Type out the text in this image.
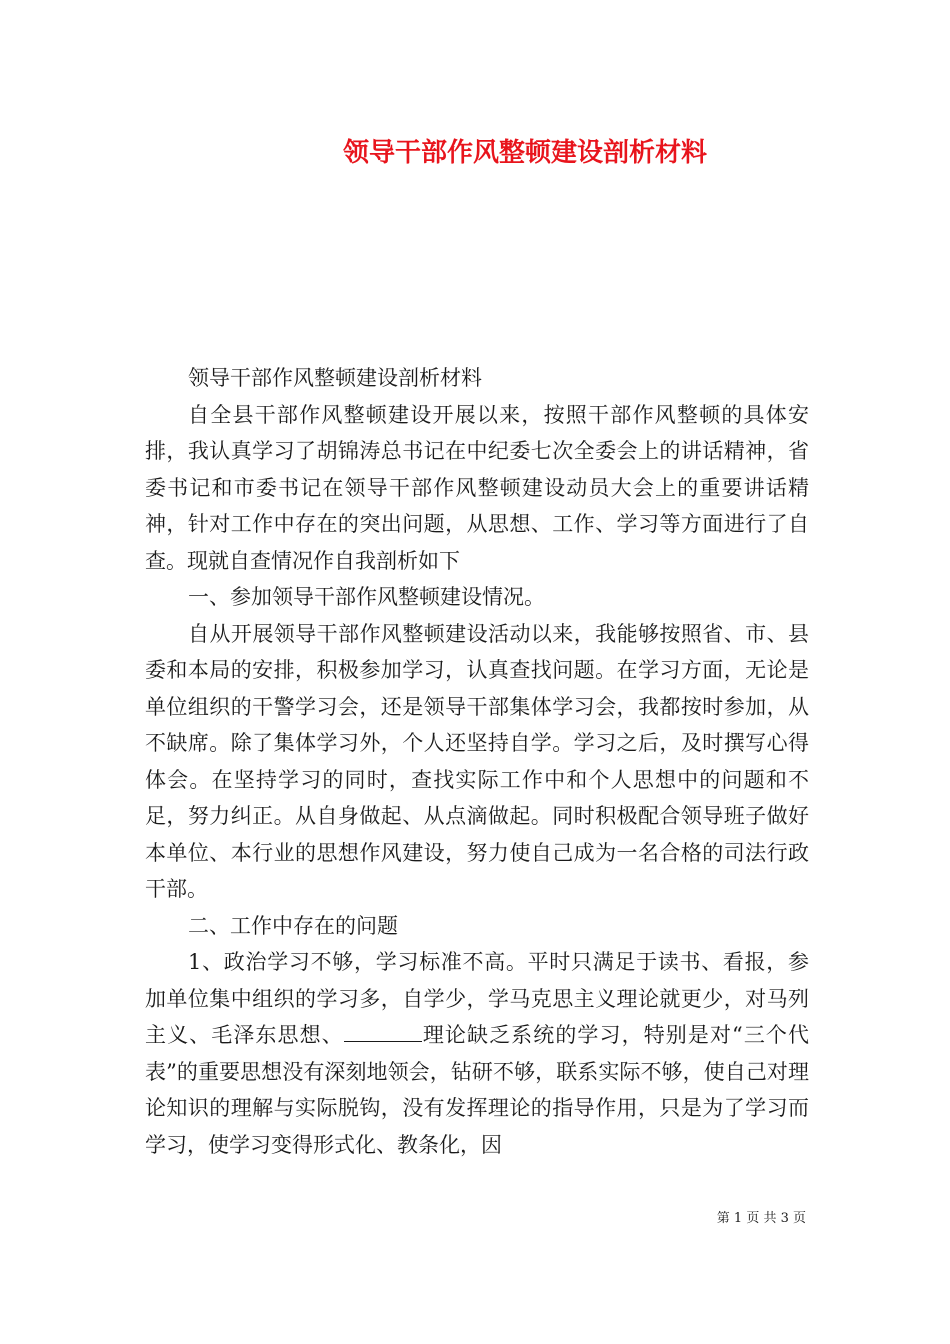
领导干部作风整顿建设剖析材料

领导干部作风整顿建设剖析材料

自全县干部作风整顿建设开展以来，按照干部作风整顿的具体安排，我认真学习了胡锦涛总书记在中纪委七次全委会上的讲话精神，省委书记和市委书记在领导干部作风整顿建设动员大会上的重要讲话精神，针对工作中存在的突出问题，从思想、工作、学习等方面进行了自查。现就自查情况作自我剖析如下

一、参加领导干部作风整顿建设情况。

自从开展领导干部作风整顿建设活动以来，我能够按照省、市、县委和本局的安排，积极参加学习，认真查找问题。在学习方面，无论是单位组织的干警学习会，还是领导干部集体学习会，我都按时参加，从不缺席。除了集体学习外，个人还坚持自学。学习之后，及时撰写心得体会。在坚持学习的同时，查找实际工作中和个人思想中的问题和不足，努力纠正。从自身做起、从点滴做起。同时积极配合领导班子做好本单位、本行业的思想作风建设，努力使自己成为一名合格的司法行政干部。

二、工作中存在的问题

1、政治学习不够，学习标准不高。平时只满足于读书、看报，参加单位集中组织的学习多，自学少，学马克思主义理论就更少，对马列主义、毛泽东思想、	理论缺乏系统的学习，特别是对“三个代表”的重要思想没有深刻地领会，钻研不够，联系实际不够，使自己对理论知识的理解与实际脱钩，没有发挥理论的指导作用，只是为了学习而学习，使学习变得形式化、教条化，因

第 1 页 共 3 页
